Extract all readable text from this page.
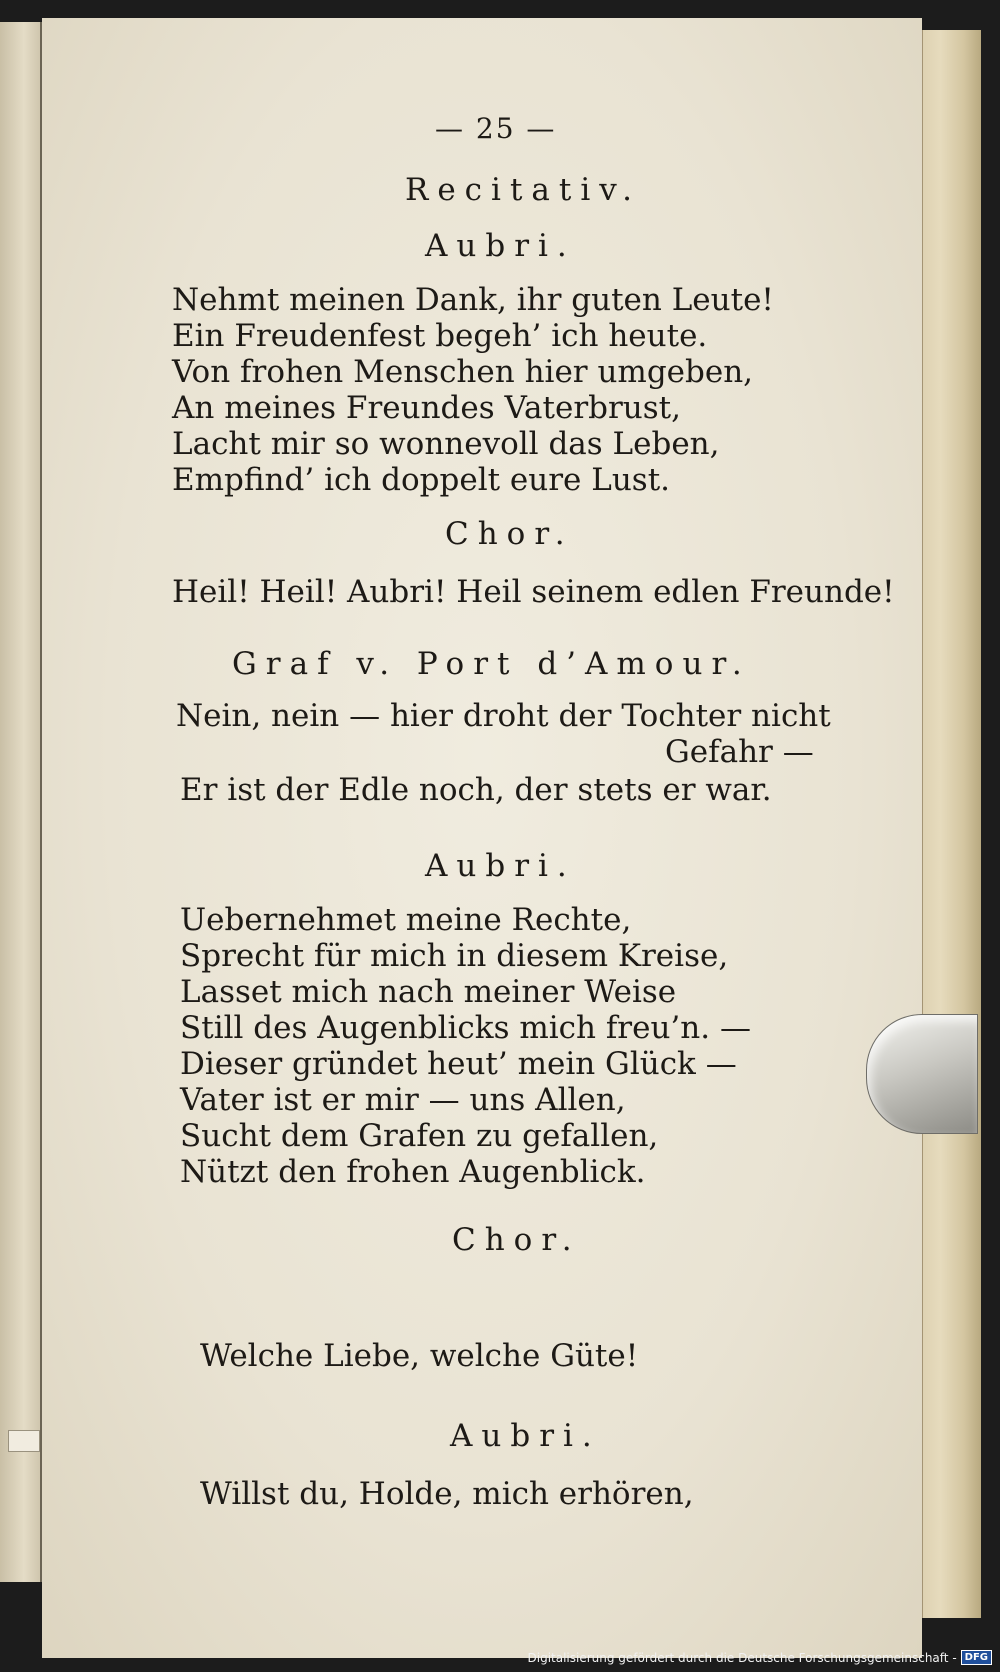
— 25 —
Recitativ.
Aubri.
Nehmt meinen Dank, ihr guten Leute!
Ein Freudenfest begeh’ ich heute.
Von frohen Menschen hier umgeben,
An meines Freundes Vaterbrust,
Lacht mir so wonnevoll das Leben,
Empfind’ ich doppelt eure Lust.
Chor.
Heil! Heil! Aubri! Heil seinem edlen Freunde!
Graf v. Port d’Amour.
Nein, nein — hier droht der Tochter nicht
Gefahr —
Er ist der Edle noch, der stets er war.
Aubri.
Uebernehmet meine Rechte,
Sprecht für mich in diesem Kreise,
Lasset mich nach meiner Weise
Still des Augenblicks mich freu’n. —
Dieser gründet heut’ mein Glück —
Vater ist er mir — uns Allen,
Sucht dem Grafen zu gefallen,
Nützt den frohen Augenblick.
Chor.
Welche Liebe, welche Güte!
Aubri.
Willst du, Holde, mich erhören,
Digitalisierung gefördert durch die Deutsche Forschungsgemeinschaft - DFG
